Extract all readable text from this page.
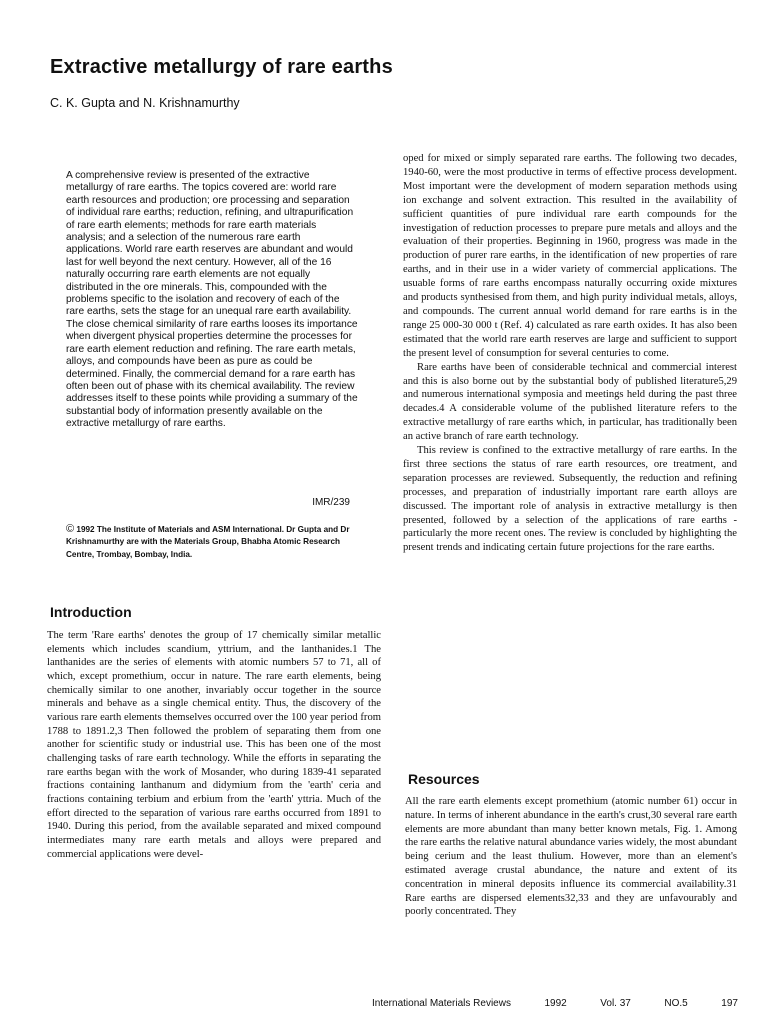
Extractive metallurgy of rare earths
C. K. Gupta and N. Krishnamurthy

A comprehensive review is presented of the extractive metallurgy of rare earths. The topics covered are: world rare earth resources and production; ore processing and separation of individual rare earths; reduction, refining, and ultrapurification of rare earth elements; methods for rare earth materials analysis; and a selection of the numerous rare earth applications. World rare earth reserves are abundant and would last for well beyond the next century. However, all of the 16 naturally occurring rare earth elements are not equally distributed in the ore minerals. This, compounded with the problems specific to the isolation and recovery of each of the rare earths, sets the stage for an unequal rare earth availability. The close chemical similarity of rare earths looses its importance when divergent physical properties determine the processes for rare earth element reduction and refining. The rare earth metals, alloys, and compounds have been as pure as could be determined. Finally, the commercial demand for a rare earth has often been out of phase with its chemical availability. The review addresses itself to these points while providing a summary of the substantial body of information presently available on the extractive metallurgy of rare earths.

IMR/239

© 1992 The Institute of Materials and ASM International. Dr Gupta and Dr Krishnamurthy are with the Materials Group, Bhabha Atomic Research Centre, Trombay, Bombay, India.

Introduction

The term 'Rare earths' denotes the group of 17 chemically similar metallic elements which includes scandium, yttrium, and the lanthanides.1 The lanthanides are the series of elements with atomic numbers 57 to 71, all of which, except promethium, occur in nature. The rare earth elements, being chemically similar to one another, invariably occur together in the source minerals and behave as a single chemical entity. Thus, the discovery of the various rare earth elements themselves occurred over the 100 year period from 1788 to 1891.2,3 Then followed the problem of separating them from one another for scientific study or industrial use. This has been one of the most challenging tasks of rare earth technology. While the efforts in separating the rare earths began with the work of Mosander, who during 1839-41 separated fractions containing lanthanum and didymium from the 'earth' ceria and fractions containing terbium and erbium from the 'earth' yttria. Much of the effort directed to the separation of various rare earths occurred from 1891 to 1940. During this period, from the available separated and mixed compound intermediates many rare earth metals and alloys were prepared and commercial applications were devel-

oped for mixed or simply separated rare earths. The following two decades, 1940-60, were the most productive in terms of effective process development. Most important were the development of modern separation methods using ion exchange and solvent extraction. This resulted in the availability of sufficient quantities of pure individual rare earth compounds for the investigation of reduction processes to prepare pure metals and alloys and the evaluation of their properties. Beginning in 1960, progress was made in the production of purer rare earths, in the identification of new properties of rare earths, and in their use in a wider variety of commercial applications. The usuable forms of rare earths encompass naturally occurring oxide mixtures and products synthesised from them, and high purity individual metals, alloys, and compounds. The current annual world demand for rare earths is in the range 25 000-30 000 t (Ref. 4) calculated as rare earth oxides. It has also been estimated that the world rare earth reserves are large and sufficient to support the present level of consumption for several centuries to come.

Rare earths have been of considerable technical and commercial interest and this is also borne out by the substantial body of published literature5,29 and numerous international symposia and meetings held during the past three decades.4 A considerable volume of the published literature refers to the extractive metallurgy of rare earths which, in particular, has traditionally been an active branch of rare earth technology.

This review is confined to the extractive metallurgy of rare earths. In the first three sections the status of rare earth resources, ore treatment, and separation processes are reviewed. Subsequently, the reduction and refining processes, and preparation of industrially important rare earth alloys are discussed. The important role of analysis in extractive metallurgy is then presented, followed by a selection of the applications of rare earths - particularly the more recent ones. The review is concluded by highlighting the present trends and indicating certain future projections for the rare earths.

Resources

All the rare earth elements except promethium (atomic number 61) occur in nature. In terms of inherent abundance in the earth's crust,30 several rare earth elements are more abundant than many better known metals, Fig. 1. Among the rare earths the relative natural abundance varies widely, the most abundant being cerium and the least thulium. However, more than an element's estimated average crustal abundance, the nature and extent of its concentration in mineral deposits influence its commercial availability.31 Rare earths are dispersed elements32,33 and they are unfavourably and poorly concentrated. They

International Materials Reviews	1992	Vol. 37	NO.5	197
